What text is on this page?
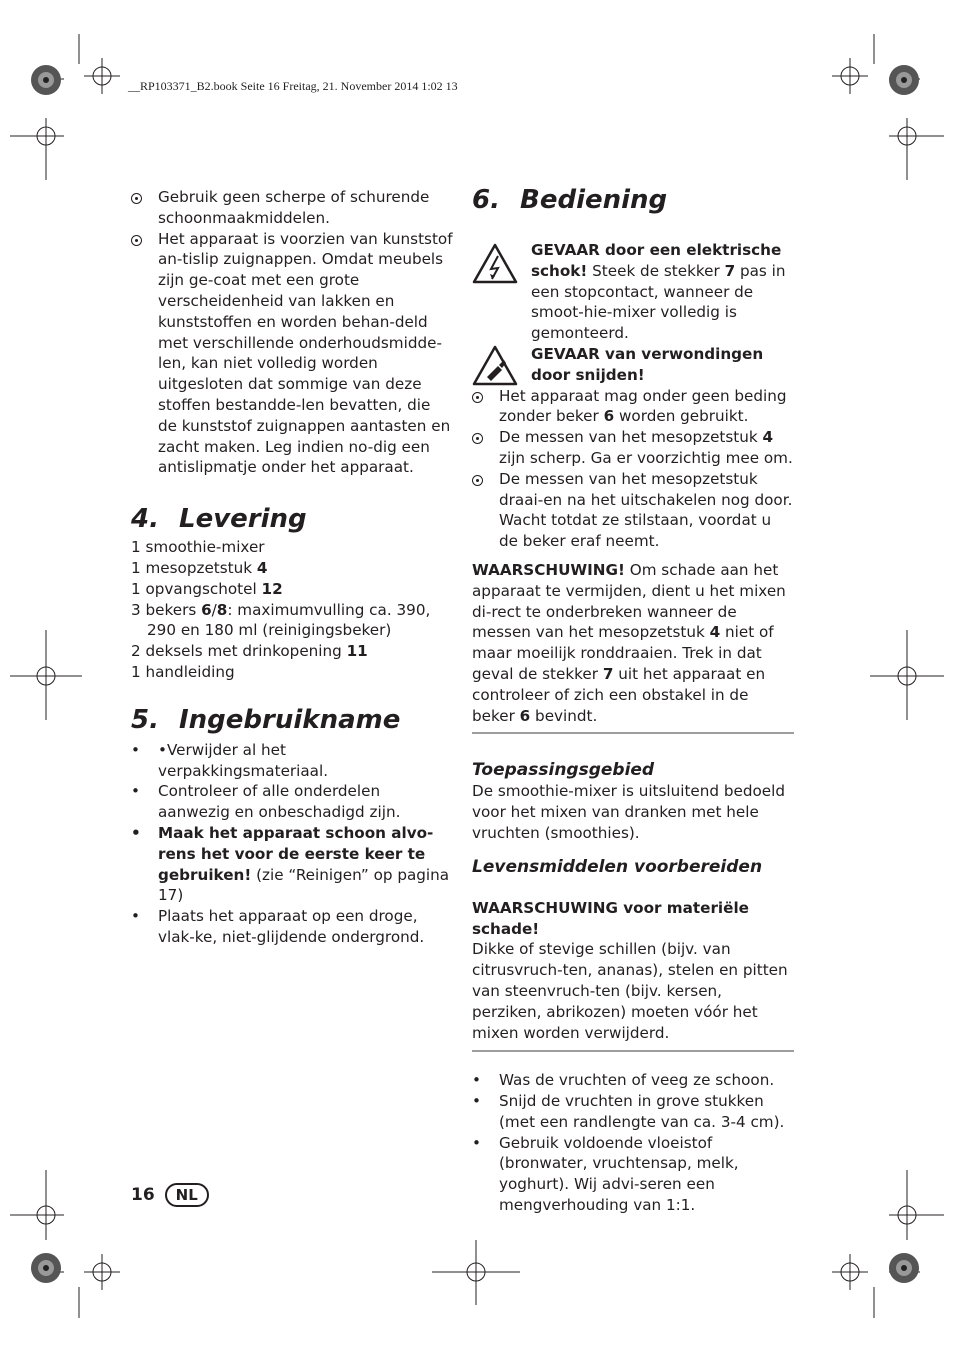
__RP103371_B2.book Seite 16 Freitag, 21. November 2014 1:02 13
Gebruik geen scherpe of schurende schoonmaakmiddelen.
Het apparaat is voorzien van kunststof an-tislip zuignappen. Omdat meubels zijn ge-coat met een grote verscheidenheid van lakken en kunststoffen en worden behan-deld met verschillende onderhoudsmidde-len, kan niet volledig worden uitgesloten dat sommige van deze stoffen bestandde-len bevatten, die de kunststof zuignappen aantasten en zacht maken. Leg indien no-dig een antislipmatje onder het apparaat.
4. Levering

1 smoothie-mixer

1 mesopzetstuk 4

1 opvangschotel 12

3 bekers 6/8: maximumvulling ca. 390, 290 en 180 ml (reinigingsbeker)

2 deksels met drinkopening 11

1 handleiding

5. Ingebruikname
• •	Verwijder al het verpakkingsmateriaal.
•	Controleer of alle onderdelen aanwezig en onbeschadigd zijn.
•	Maak het apparaat schoon alvo-rens het voor de eerste keer te gebruiken! (zie “Reinigen” op pagina 17)
•	Plaats het apparaat op een droge, vlak-ke, niet-glijdende ondergrond.
6. Bediening
GEVAAR door een elektrische schok! Steek de stekker 7 pas in een stopcontact, wanneer de smoot-hie-mixer volledig is gemonteerd.
GEVAAR van verwondingen door snijden!
Het apparaat mag onder geen beding zonder beker 6 worden gebruikt.
De messen van het mesopzetstuk 4 zijn scherp. Ga er voorzichtig mee om.
De messen van het mesopzetstuk draai-en na het uitschakelen nog door. Wacht totdat ze stilstaan, voordat u de beker eraf neemt.

WAARSCHUWING! Om schade aan het apparaat te vermijden, dient u het mixen di-rect te onderbreken wanneer de messen van het mesopzetstuk 4 niet of maar moeilijk ronddraaien. Trek in dat geval de stekker 7 uit het apparaat en controleer of zich een obstakel in de beker 6 bevindt.

Toepassingsgebied

De smoothie-mixer is uitsluitend bedoeld voor het mixen van dranken met hele vruchten (smoothies).

Levensmiddelen voorbereiden

WAARSCHUWING voor materiële schade!

Dikke of stevige schillen (bijv. van citrusvruch-ten, ananas), stelen en pitten van steenvruch-ten (bijv. kersen, perziken, abrikozen) moeten vóór het mixen worden verwijderd.

•	Was de vruchten of veeg ze schoon.
•	Snijd de vruchten in grove stukken (met een randlengte van ca. 3-4 cm).
•	Gebruik voldoende vloeistof (bronwater, vruchtensap, melk, yoghurt). Wij advi-seren een mengverhouding van 1:1.
16 NL
